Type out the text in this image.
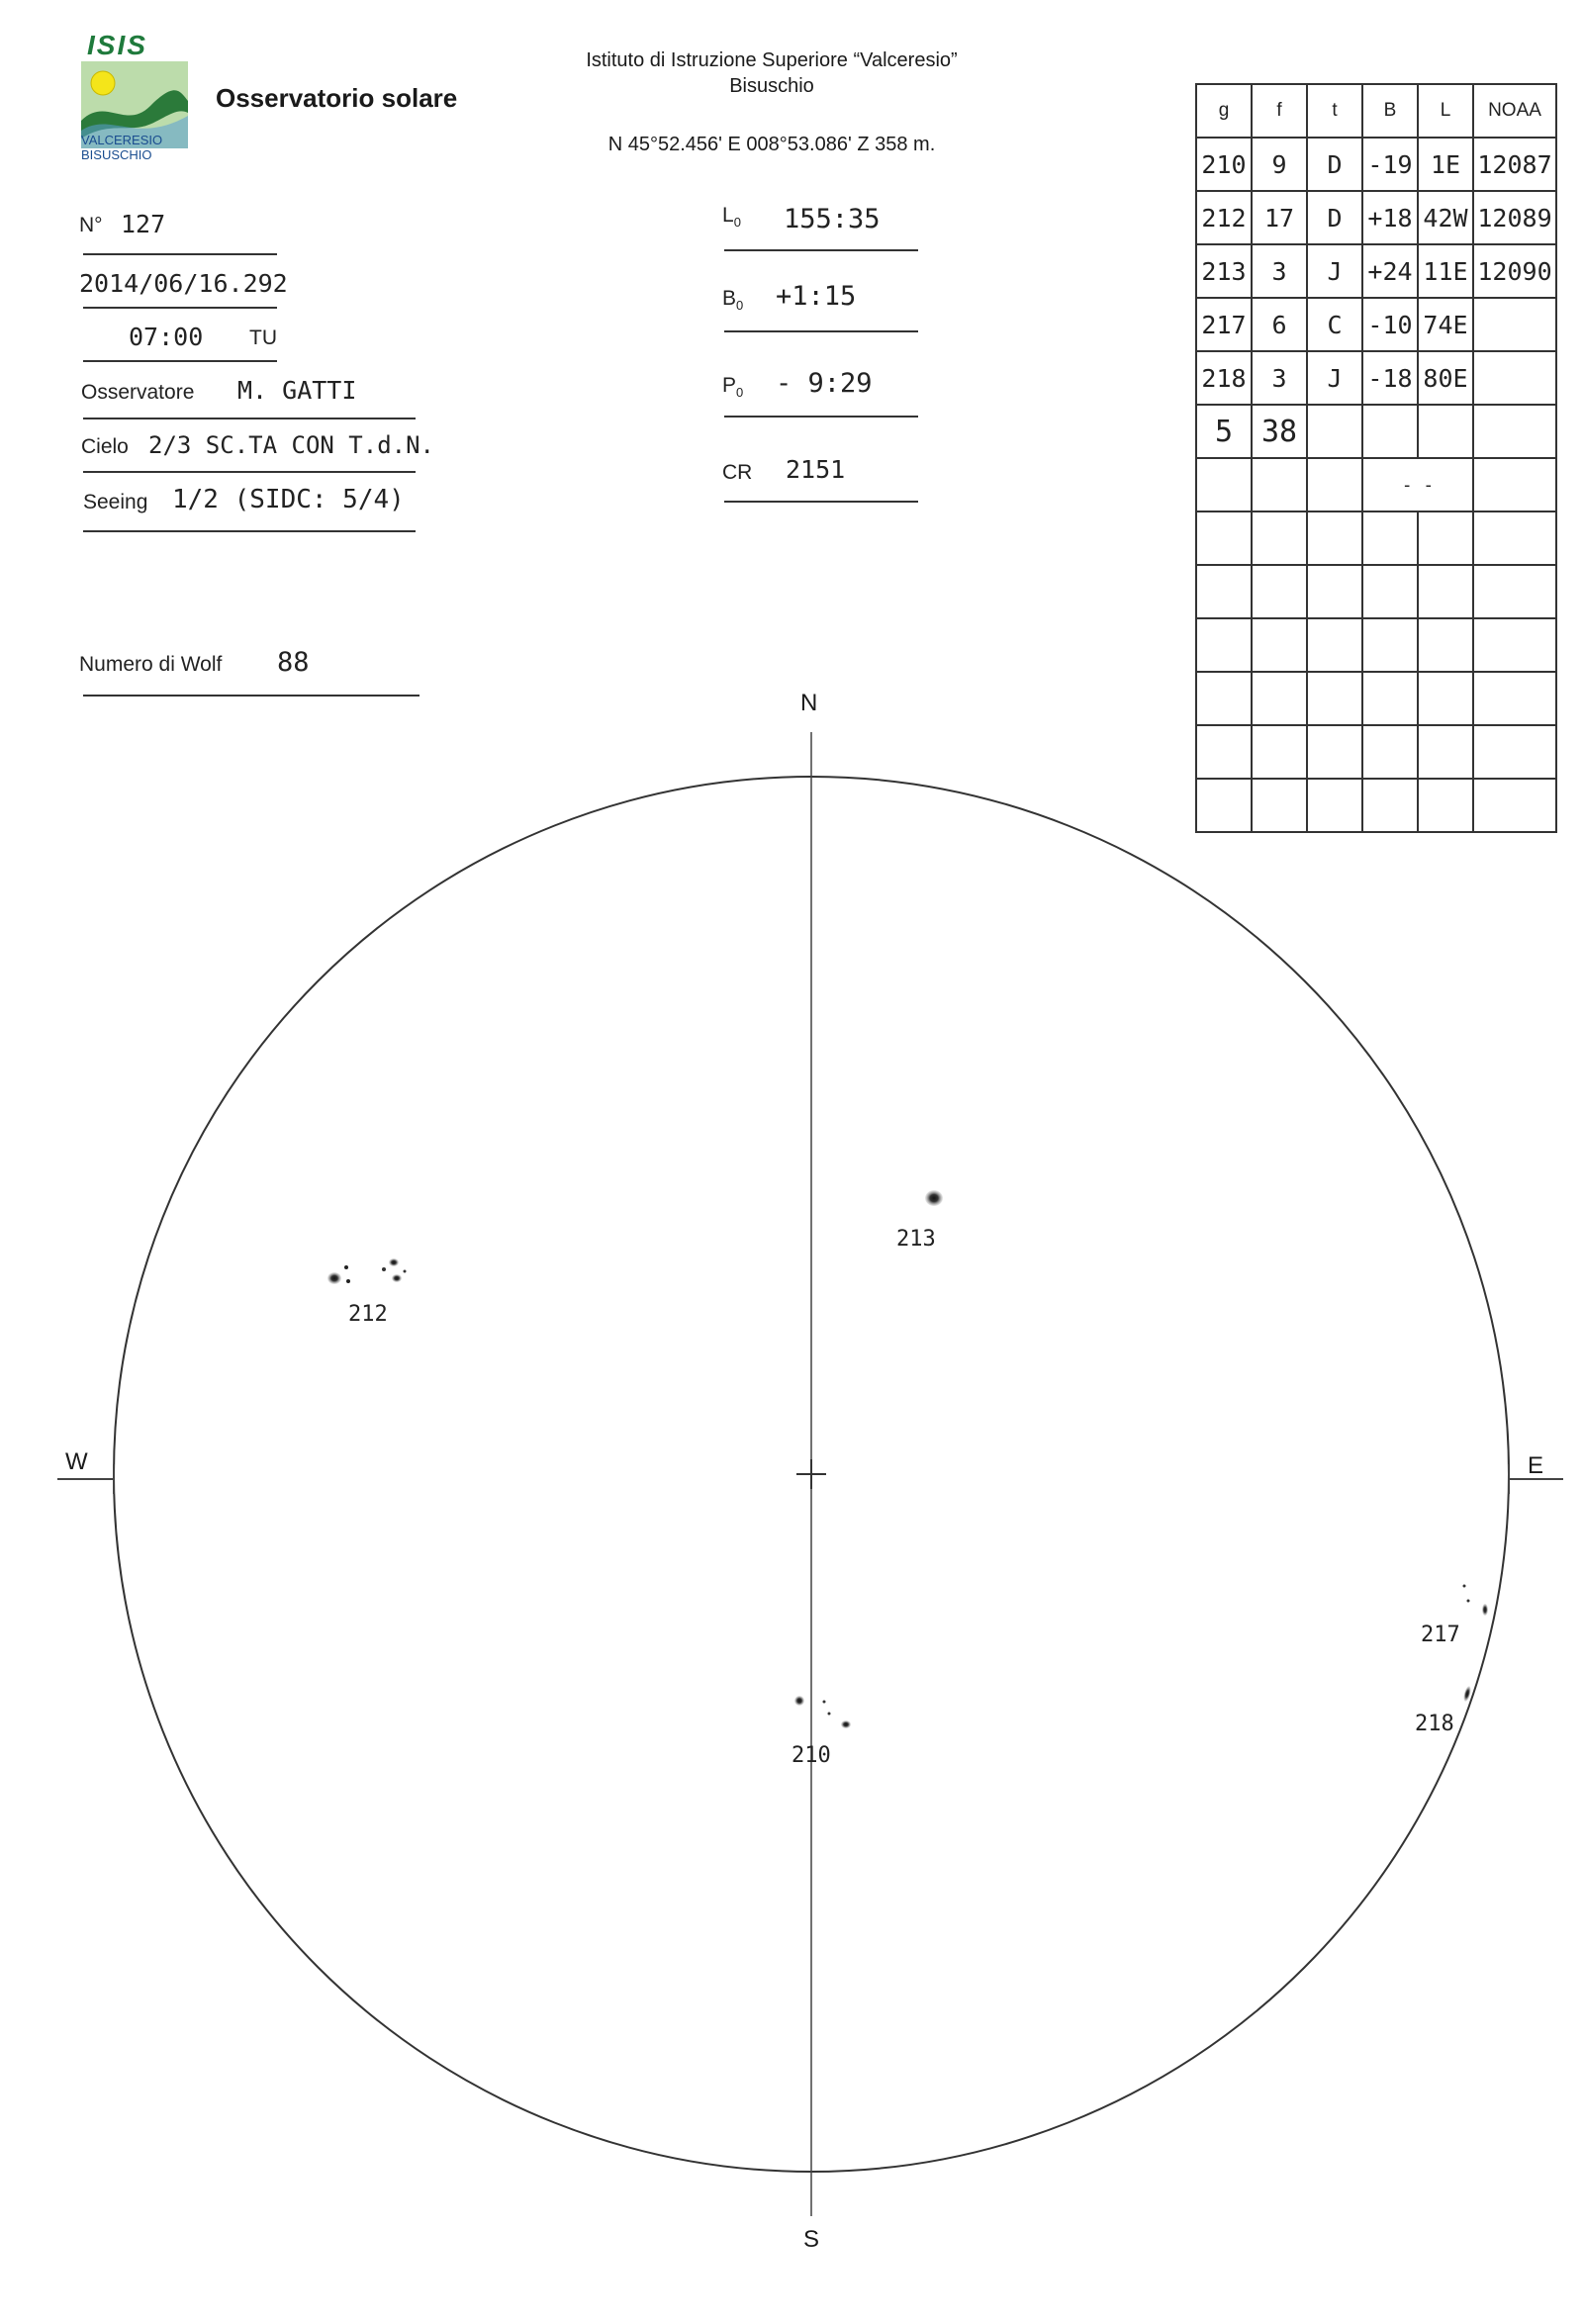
ISIS
VALCERESIO
BISUSCHIO
Osservatorio solare
Istituto di Istruzione Superiore “Valceresio”
Bisuschio
N 45°52.456' E 008°53.086' Z 358 m.
N° 127
2014/06/16.292
07:00 TU
Osservatore M. GATTI
Cielo 2/3 SC.TA CON T.d.N.
Seeing 1/2 (SIDC: 5/4)
Numero di Wolf 88
$L_0$ 155:35
$B_0$ +1:15
$P_0$ - 9:29
CR 2151
g	f	t	B	L	NOAA
210	9	D	-19	1E	12087
212	17	D	+18	42W	12089
213	3	J	+24	11E	12090
217	6	C	-10	74E	
218	3	J	-18	80E	
5	38				
			- -		

N
S
E
W
213
212
210
217
218
